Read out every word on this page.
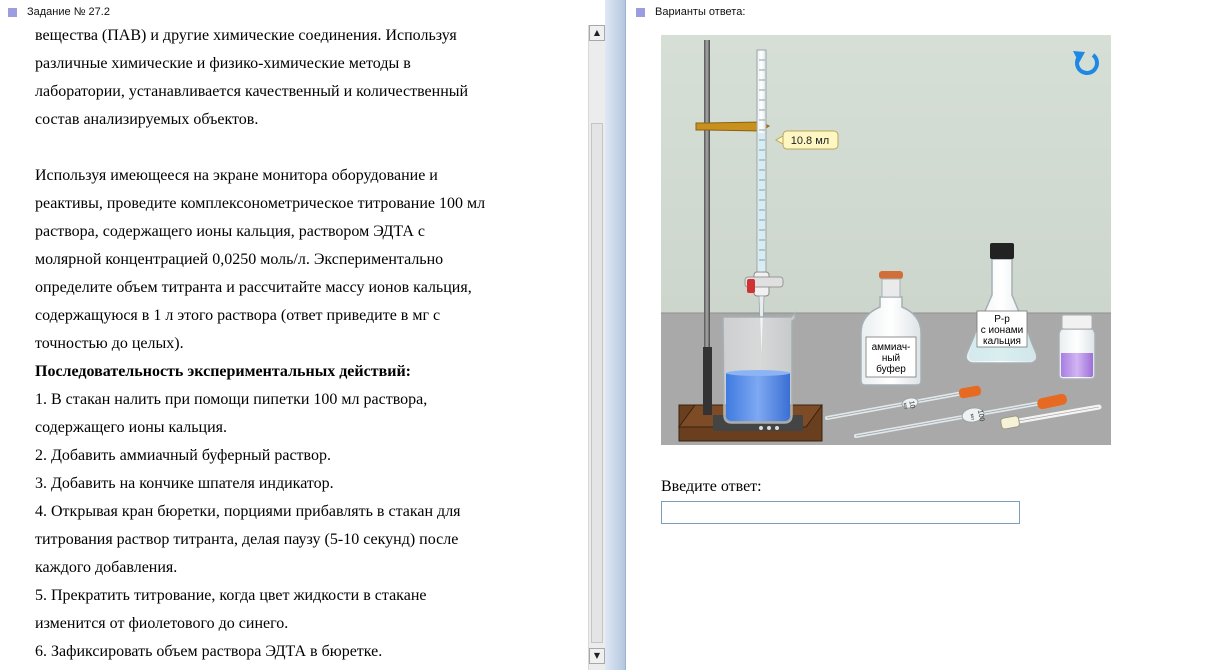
Задание № 27.2

вещества (ПАВ) и другие химические соединения. Используя

различные химические и физико-химические методы в

лаборатории, устанавливается качественный и количественный

состав анализируемых объектов.

Используя имеющееся на экране монитора оборудование и

реактивы, проведите комплексонометрическое титрование 100 мл

раствора, содержащего ионы кальция, раствором ЭДТА с

молярной концентрацией 0,0250 моль/л. Экспериментально

определите объем титранта и рассчитайте массу ионов кальция,

содержащуюся в 1 л этого раствора (ответ приведите в мг с

точностью до целых).

Последовательность экспериментальных действий:

1. В стакан налить при помощи пипетки 100 мл раствора,

содержащего ионы кальция.

2. Добавить аммиачный буферный раствор.

3. Добавить на кончике шпателя индикатор.

4. Открывая кран бюретки, порциями прибавлять в стакан для

титрования раствор титранта, делая паузу (5-10 секунд) после

каждого добавления.

5. Прекратить титрование, когда цвет жидкости в стакане

изменится от фиолетового до синего.

6. Зафиксировать объем раствора ЭДТА в бюретке.

▲
▼
Варианты ответа:
10.8 мл
аммиач-
ный
буфер
Р-р
с ионами
кальция
10
мл
100
мл
Введите ответ:
